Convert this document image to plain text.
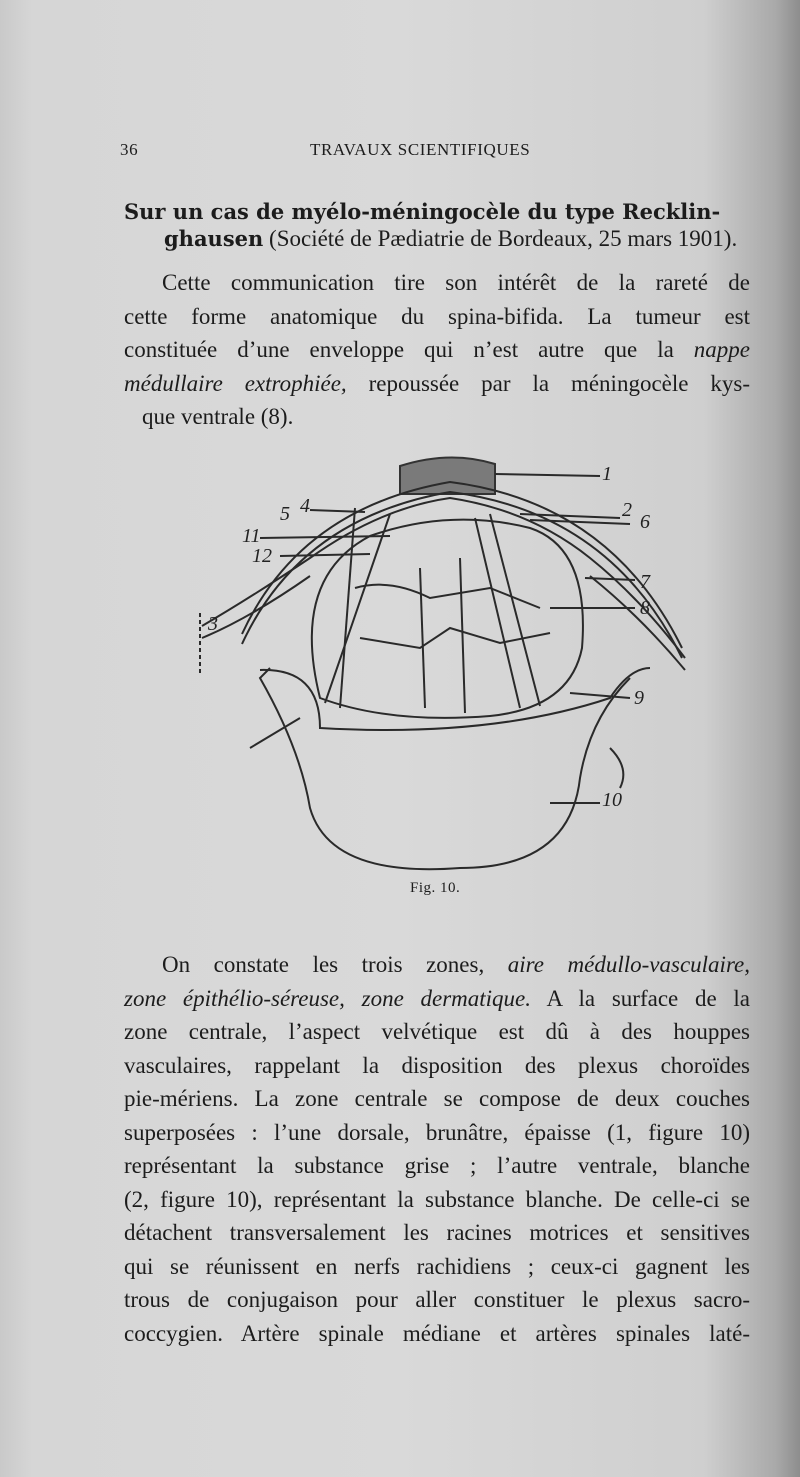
36	TRAVAUX SCIENTIFIQUES
Sur un cas de myélo-méningocèle du type Recklin-
ghausen (Société de Pædiatrie de Bordeaux, 25 mars 1901).
Cette communication tire son intérêt de la rareté de
cette forme anatomique du spina-bifida. La tumeur est
constituée d’une enveloppe qui n’est autre que la nappe
médullaire extrophiée, repoussée par la méningocèle kys-
que ventrale (8).
1
2
3
4
5	6
7
8
9
10
11
12
Fig. 10.
On constate les trois zones, aire médullo-vasculaire,
zone épithélio-séreuse, zone dermatique. A la surface de la
zone centrale, l’aspect velvétique est dû à des houppes
vasculaires, rappelant la disposition des plexus choroïdes
pie-mériens. La zone centrale se compose de deux couches
superposées : l’une dorsale, brunâtre, épaisse (1, figure 10)
représentant la substance grise ; l’autre ventrale, blanche
(2, figure 10), représentant la substance blanche. De celle-ci se
détachent transversalement les racines motrices et sensitives
qui se réunissent en nerfs rachidiens ; ceux-ci gagnent les
trous de conjugaison pour aller constituer le plexus sacro-
coccygien. Artère spinale médiane et artères spinales laté-
